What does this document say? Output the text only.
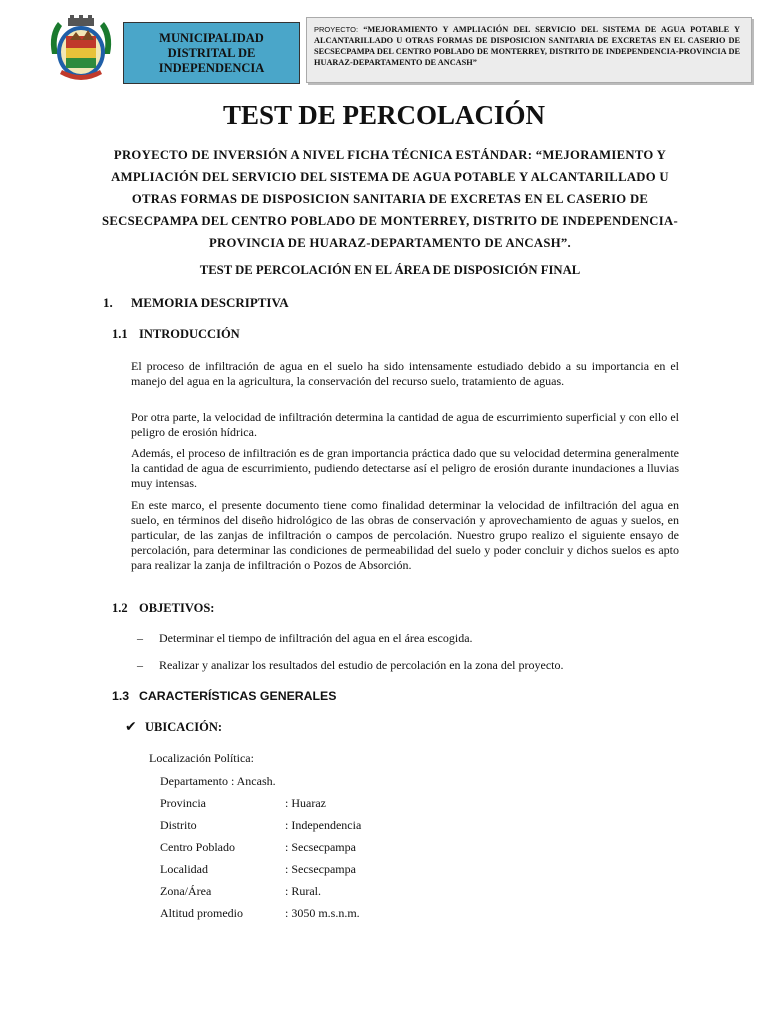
MUNICIPALIDAD DISTRITAL DE INDEPENDENCIA
PROYECTO: “MEJORAMIENTO Y AMPLIACIÓN DEL SERVICIO DEL SISTEMA DE AGUA POTABLE Y ALCANTARILLADO U OTRAS FORMAS DE DISPOSICION SANITARIA DE EXCRETAS EN EL CASERIO DE SECSECPAMPA DEL CENTRO POBLADO DE MONTERREY, DISTRITO DE INDEPENDENCIA-PROVINCIA DE HUARAZ-DEPARTAMENTO DE ANCASH”
TEST DE PERCOLACIÓN
PROYECTO DE INVERSIÓN A NIVEL FICHA TÉCNICA ESTÁNDAR: “MEJORAMIENTO Y AMPLIACIÓN DEL SERVICIO DEL SISTEMA DE AGUA POTABLE Y ALCANTARILLADO U OTRAS FORMAS DE DISPOSICION SANITARIA DE EXCRETAS EN EL CASERIO DE SECSECPAMPA DEL CENTRO POBLADO DE MONTERREY, DISTRITO DE INDEPENDENCIA-PROVINCIA DE HUARAZ-DEPARTAMENTO DE ANCASH”.
TEST DE PERCOLACIÓN EN EL ÁREA DE DISPOSICIÓN FINAL
1. MEMORIA DESCRIPTIVA
1.1 INTRODUCCIÓN
El proceso de infiltración de agua en el suelo ha sido intensamente estudiado debido a su importancia en el manejo del agua en la agricultura, la conservación del recurso suelo, tratamiento de aguas.
Por otra parte, la velocidad de infiltración determina la cantidad de agua de escurrimiento superficial y con ello el peligro de erosión hídrica.
Además, el proceso de infiltración es de gran importancia práctica dado que su velocidad determina generalmente la cantidad de agua de escurrimiento, pudiendo detectarse así el peligro de erosión durante inundaciones a lluvias muy intensas.
En este marco, el presente documento tiene como finalidad determinar la velocidad de infiltración del agua en suelo, en términos del diseño hidrológico de las obras de conservación y aprovechamiento de aguas y suelos, en particular, de las zanjas de infiltración o campos de percolación. Nuestro grupo realizo el siguiente ensayo de percolación, para determinar las condiciones de permeabilidad del suelo y poder concluir y dichos suelos es apto para realizar la zanja de infiltración o Pozos de Absorción.
1.2 OBJETIVOS:
– Determinar el tiempo de infiltración del agua en el área escogida.
– Realizar y analizar los resultados del estudio de percolación en la zona del proyecto.
1.3 CARACTERÍSTICAS GENERALES
✔ UBICACIÓN:
Localización Política:
Departamento : Ancash.
Provincia	: Huaraz
Distrito	: Independencia
Centro Poblado	: Secsecpampa
Localidad	: Secsecpampa
Zona/Área	: Rural.
Altitud promedio	: 3050 m.s.n.m.
